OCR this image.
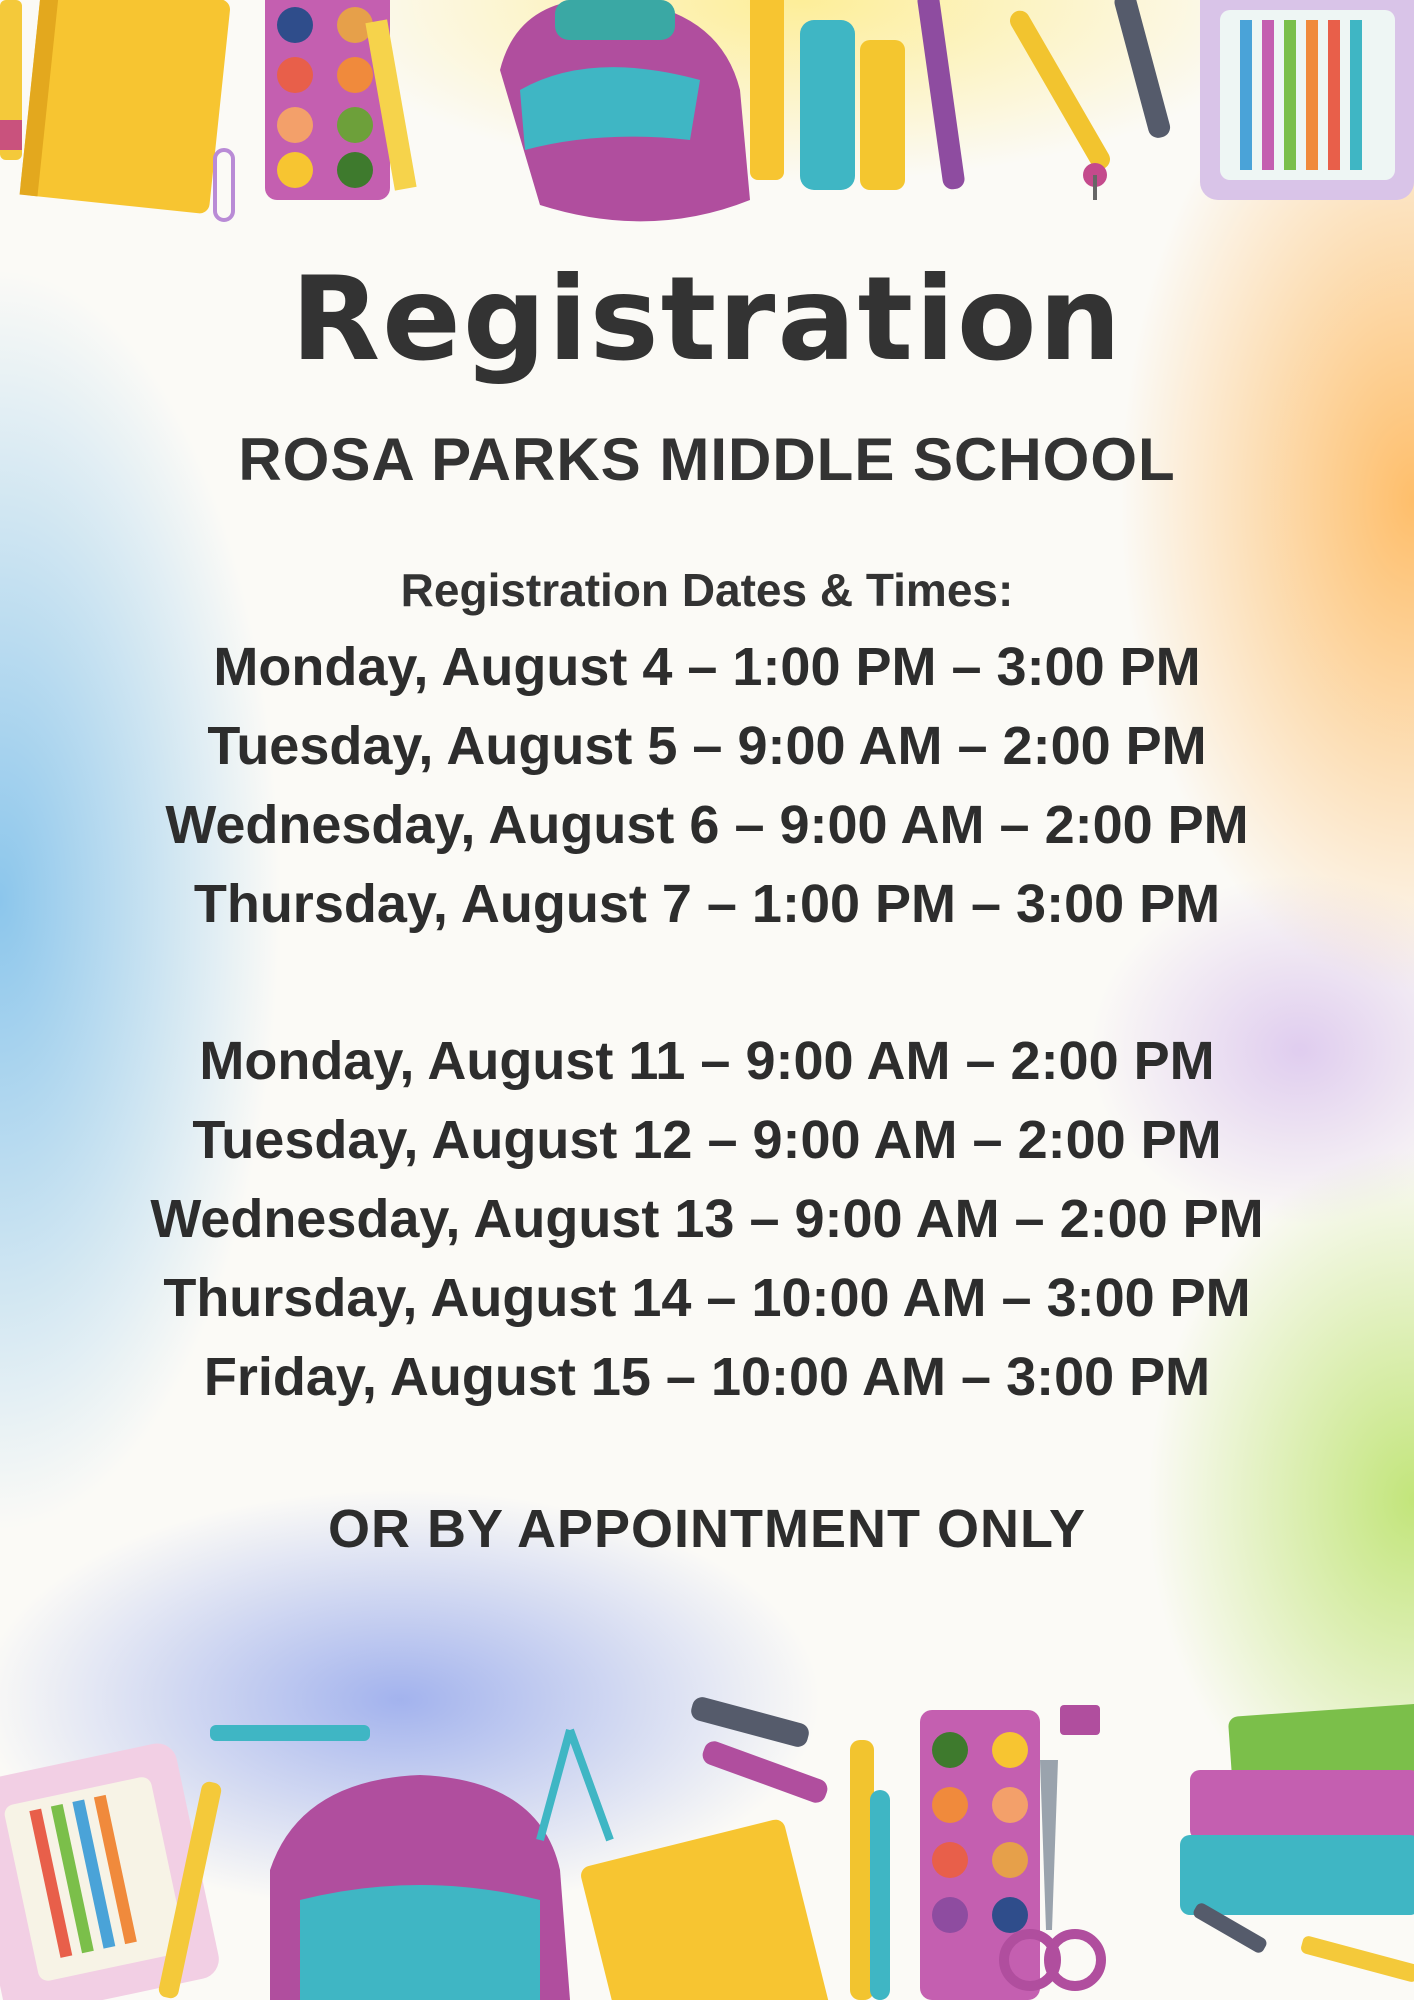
Registration
ROSA PARKS MIDDLE SCHOOL
Registration Dates & Times:
Monday, August 4 – 1:00 PM – 3:00 PM
Tuesday, August 5 – 9:00 AM – 2:00 PM
Wednesday, August 6 – 9:00 AM – 2:00 PM
Thursday, August 7 – 1:00 PM – 3:00 PM
Monday, August 11 – 9:00 AM – 2:00 PM
Tuesday, August 12 – 9:00 AM – 2:00 PM
Wednesday, August 13 – 9:00 AM – 2:00 PM
Thursday, August 14 – 10:00 AM – 3:00 PM
Friday, August 15 – 10:00 AM – 3:00 PM
OR BY APPOINTMENT ONLY
